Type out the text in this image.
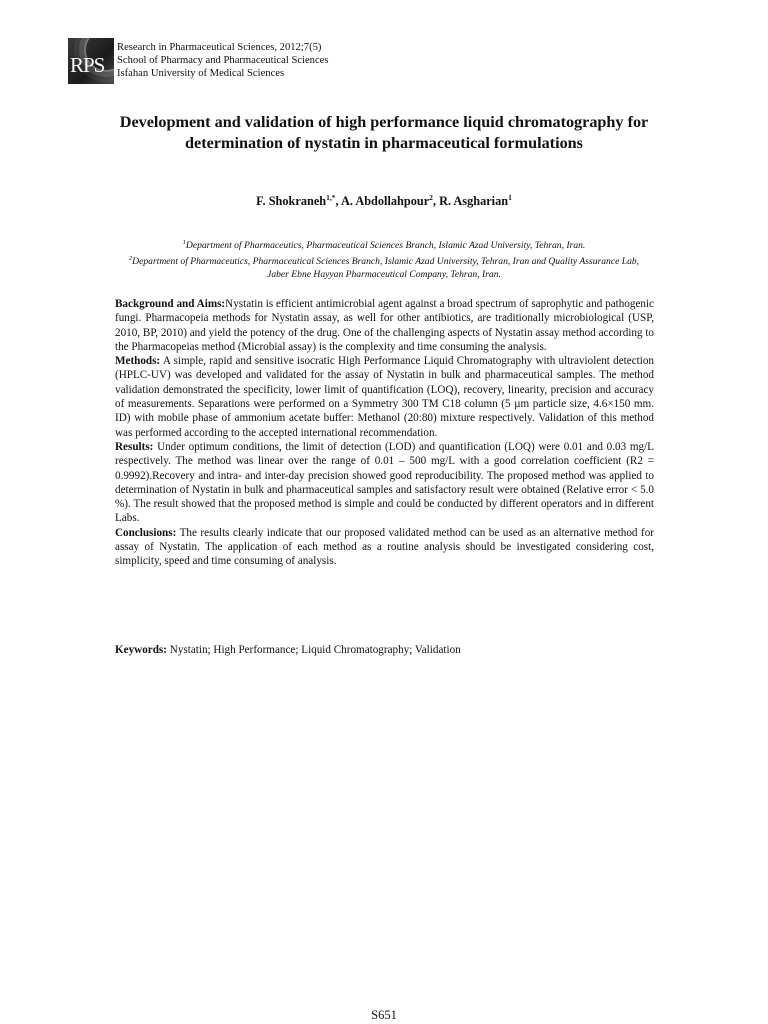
RPS
Research in Pharmaceutical Sciences, 2012;7(5)
School of Pharmacy and Pharmaceutical Sciences
Isfahan University of Medical Sciences
Development and validation of high performance liquid chromatography for determination of nystatin in pharmaceutical formulations
F. Shokraneh$^{1,*}$, A. Abdollahpour$^2$, R. Asgharian$^1$
$^1$Department of Pharmaceutics, Pharmaceutical Sciences Branch, Islamic Azad University, Tehran, Iran.
$^2$Department of Pharmaceutics, Pharmaceutical Sciences Branch, Islamic Azad University, Tehran, Iran and Quality Assurance Lab, Jaber Ebne Hayyan Pharmaceutical Company, Tehran, Iran.

Background and Aims:Nystatin is efficient antimicrobial agent against a broad spectrum of saprophytic and pathogenic fungi. Pharmacopeia methods for Nystatin assay, as well for other antibiotics, are traditionally microbiological (USP, 2010, BP, 2010) and yield the potency of the drug. One of the challenging aspects of Nystatin assay method according to the Pharmacopeias method (Microbial assay) is the complexity and time consuming the analysis.

Methods: A simple, rapid and sensitive isocratic High Performance Liquid Chromatography with ultraviolent detection (HPLC-UV) was developed and validated for the assay of Nystatin in bulk and pharmaceutical samples. The method validation demonstrated the specificity, lower limit of quantification (LOQ), recovery, linearity, precision and accuracy of measurements. Separations were performed on a Symmetry 300 TM C18 column (5 µm particle size, 4.6×150 mm. ID) with mobile phase of ammonium acetate buffer: Methanol (20:80) mixture respectively. Validation of this method was performed according to the accepted international recommendation.

Results: Under optimum conditions, the limit of detection (LOD) and quantification (LOQ) were 0.01 and 0.03 mg/L respectively. The method was linear over the range of 0.01 – 500 mg/L with a good correlation coefficient (R2 = 0.9992).Recovery and intra- and inter-day precision showed good reproducibility. The proposed method was applied to determination of Nystatin in bulk and pharmaceutical samples and satisfactory result were obtained (Relative error < 5.0 %). The result showed that the proposed method is simple and could be conducted by different operators and in different Labs.

Conclusions: The results clearly indicate that our proposed validated method can be used as an alternative method for assay of Nystatin. The application of each method as a routine analysis should be investigated considering cost, simplicity, speed and time consuming of analysis.

Keywords: Nystatin; High Performance; Liquid Chromatography; Validation
S651
